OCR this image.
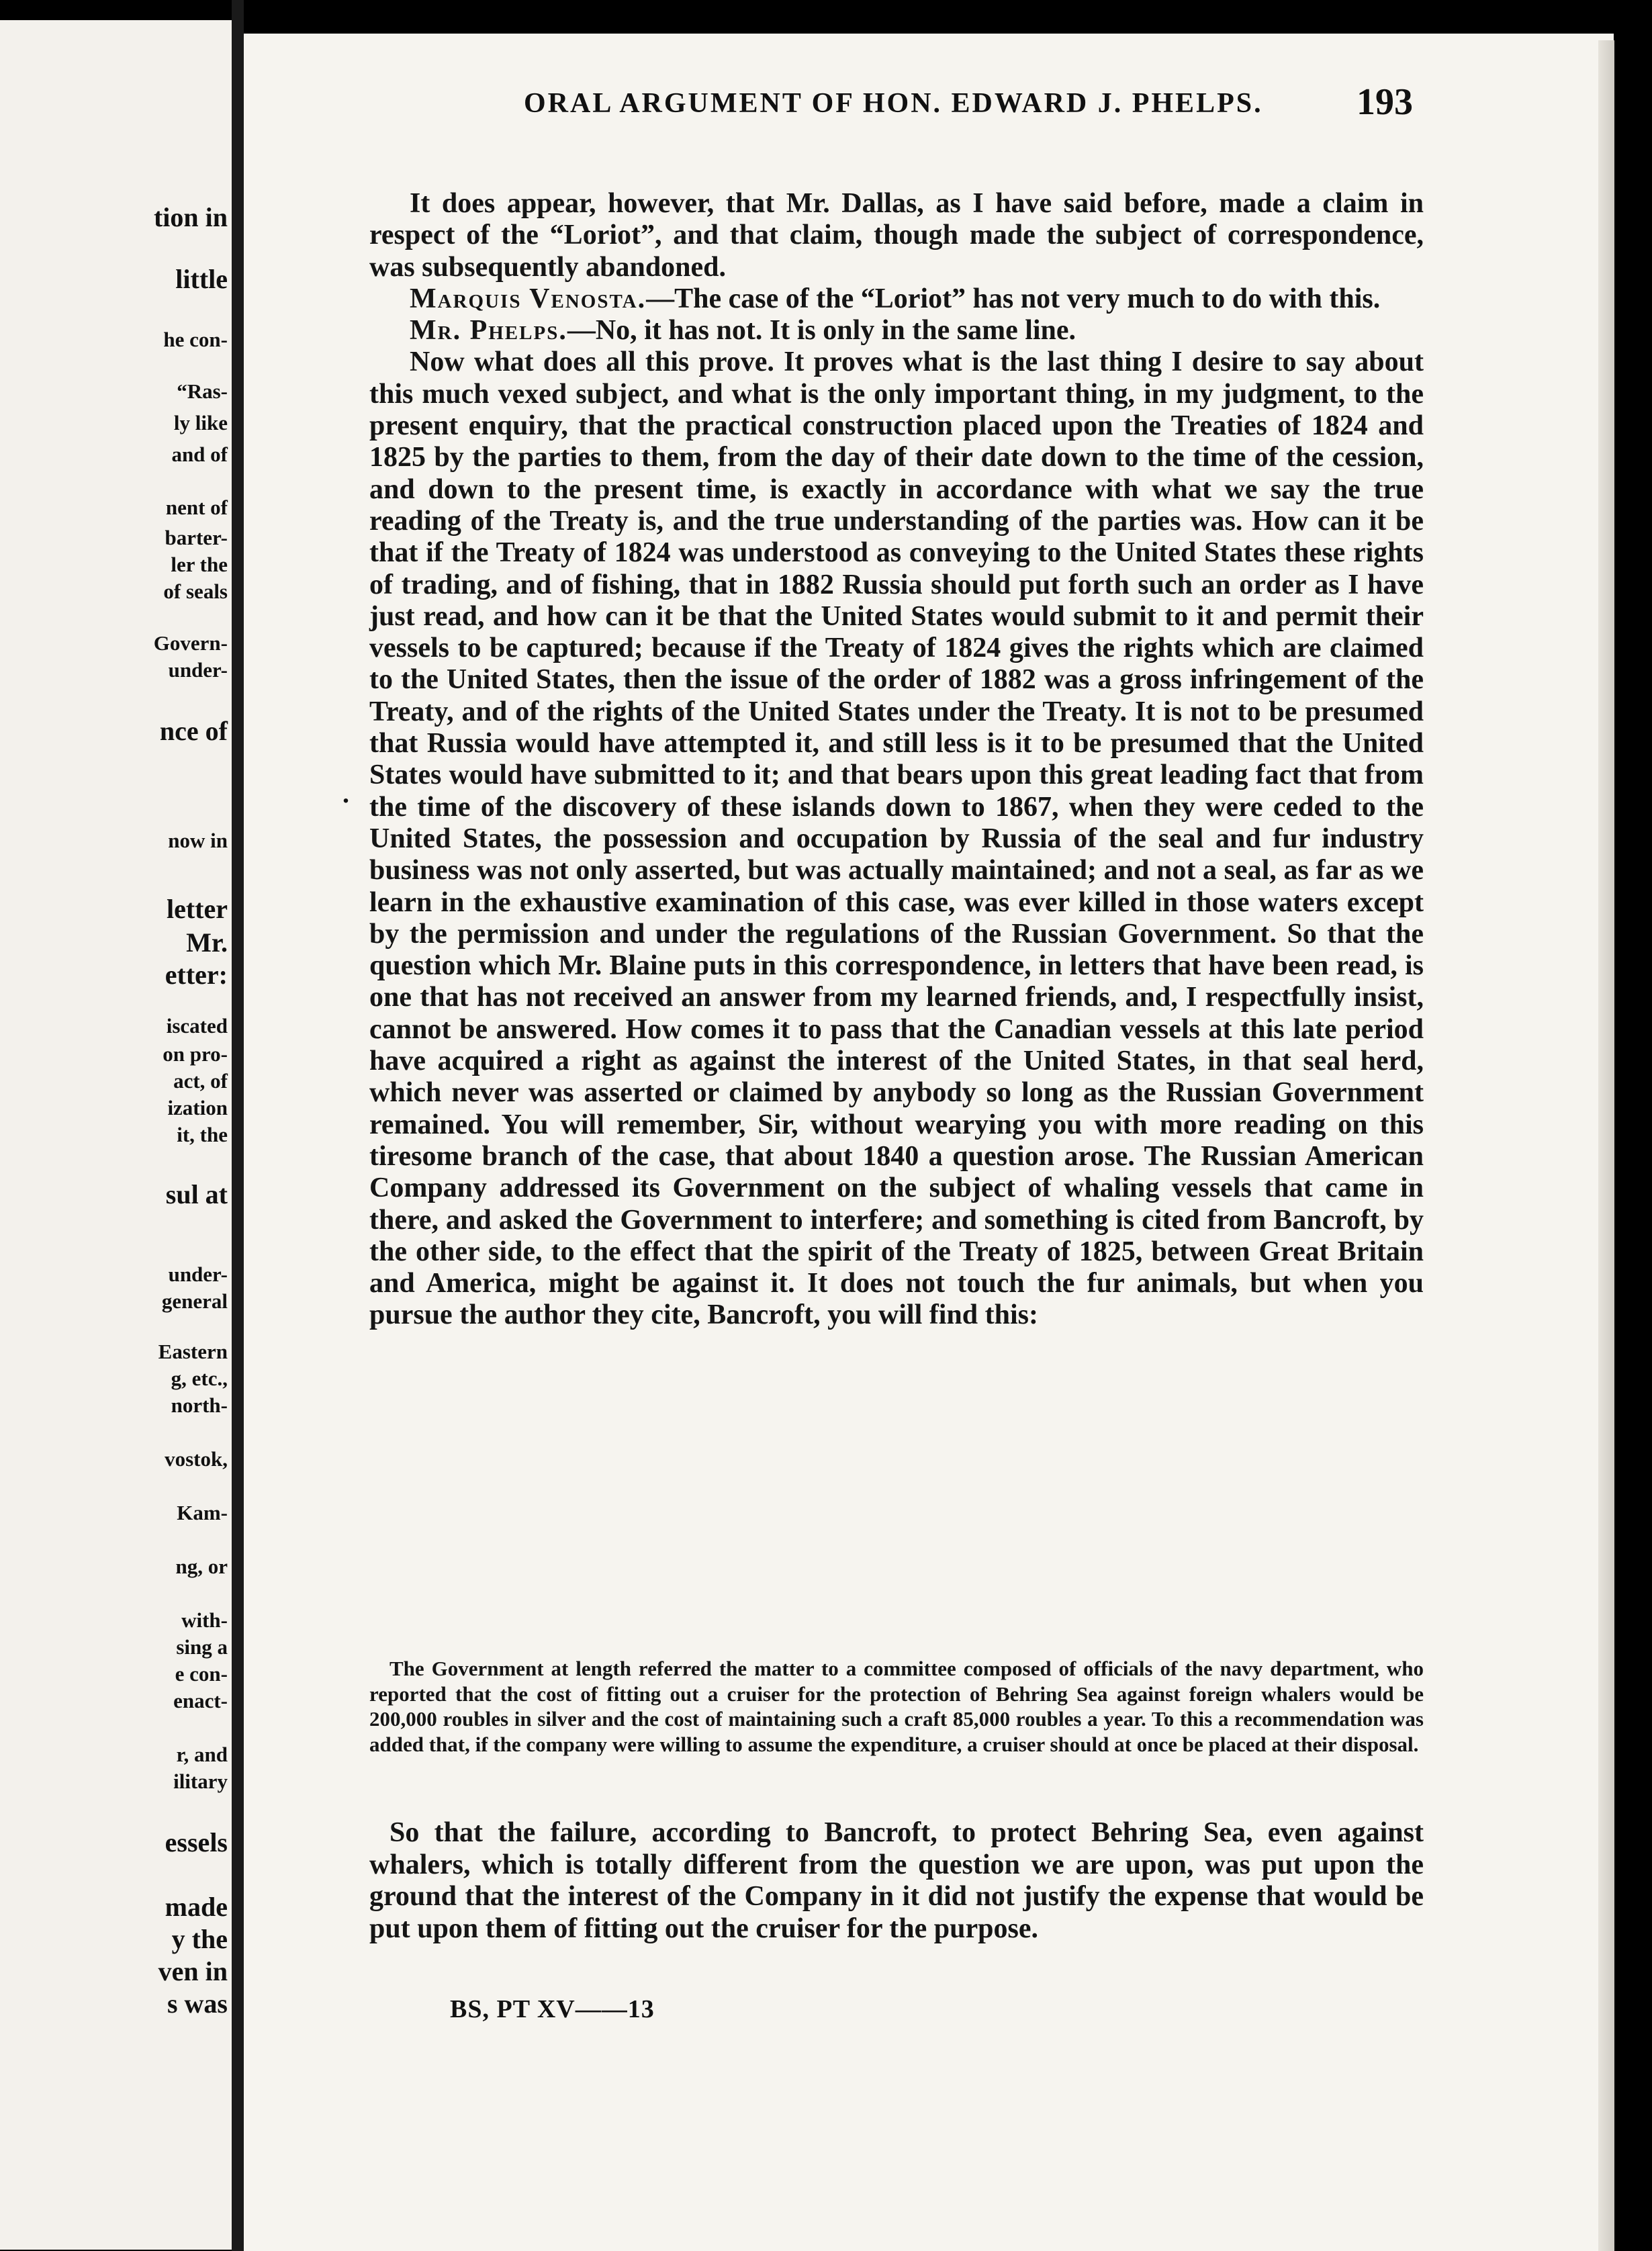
tion in
little
he con-
“Ras-
ly like
and of
nent of
barter-
ler the
of seals
Govern-
under-
nce of
now in
letter
Mr.
etter:
iscated
on pro-
act, of
ization
it, the
sul at
under-
general
Eastern
g, etc.,
north-
vostok,
Kam-
ng, or
with-
sing a
e con-
enact-
r, and
ilitary
essels
made
y the
ven in
s was
ORAL ARGUMENT OF HON. EDWARD J. PHELPS.	193
.

It does appear, however, that Mr. Dallas, as I have said before, made a claim in respect of the “Loriot”, and that claim, though made the subject of correspondence, was subsequently abandoned.

Marquis Venosta.—The case of the “Loriot” has not very much to do with this.

Mr. Phelps.—No, it has not. It is only in the same line.

Now what does all this prove. It proves what is the last thing I desire to say about this much vexed subject, and what is the only important thing, in my judgment, to the present enquiry, that the practical construction placed upon the Treaties of 1824 and 1825 by the parties to them, from the day of their date down to the time of the cession, and down to the present time, is exactly in accordance with what we say the true reading of the Treaty is, and the true understanding of the parties was. How can it be that if the Treaty of 1824 was understood as conveying to the United States these rights of trading, and of fishing, that in 1882 Russia should put forth such an order as I have just read, and how can it be that the United States would submit to it and permit their vessels to be captured; because if the Treaty of 1824 gives the rights which are claimed to the United States, then the issue of the order of 1882 was a gross infringement of the Treaty, and of the rights of the United States under the Treaty. It is not to be presumed that Russia would have attempted it, and still less is it to be presumed that the United States would have submitted to it; and that bears upon this great leading fact that from the time of the discovery of these islands down to 1867, when they were ceded to the United States, the possession and occupation by Russia of the seal and fur industry business was not only asserted, but was actually maintained; and not a seal, as far as we learn in the exhaustive examination of this case, was ever killed in those waters except by the permission and under the regulations of the Russian Government. So that the question which Mr. Blaine puts in this correspondence, in letters that have been read, is one that has not received an answer from my learned friends, and, I respectfully insist, cannot be answered. How comes it to pass that the Canadian vessels at this late period have acquired a right as against the interest of the United States, in that seal herd, which never was asserted or claimed by anybody so long as the Russian Government remained. You will remember, Sir, without wearying you with more reading on this tiresome branch of the case, that about 1840 a question arose. The Russian American Company addressed its Government on the subject of whaling vessels that came in there, and asked the Government to interfere; and something is cited from Bancroft, by the other side, to the effect that the spirit of the Treaty of 1825, between Great Britain and America, might be against it. It does not touch the fur animals, but when you pursue the author they cite, Bancroft, you will find this:

The Government at length referred the matter to a committee composed of officials of the navy department, who reported that the cost of fitting out a cruiser for the protection of Behring Sea against foreign whalers would be 200,000 roubles in silver and the cost of maintaining such a craft 85,000 roubles a year. To this a recommendation was added that, if the company were willing to assume the expenditure, a cruiser should at once be placed at their disposal.

So that the failure, according to Bancroft, to protect Behring Sea, even against whalers, which is totally different from the question we are upon, was put upon the ground that the interest of the Company in it did not justify the expense that would be put upon them of fitting out the cruiser for the purpose.

BS, PT XV——13
